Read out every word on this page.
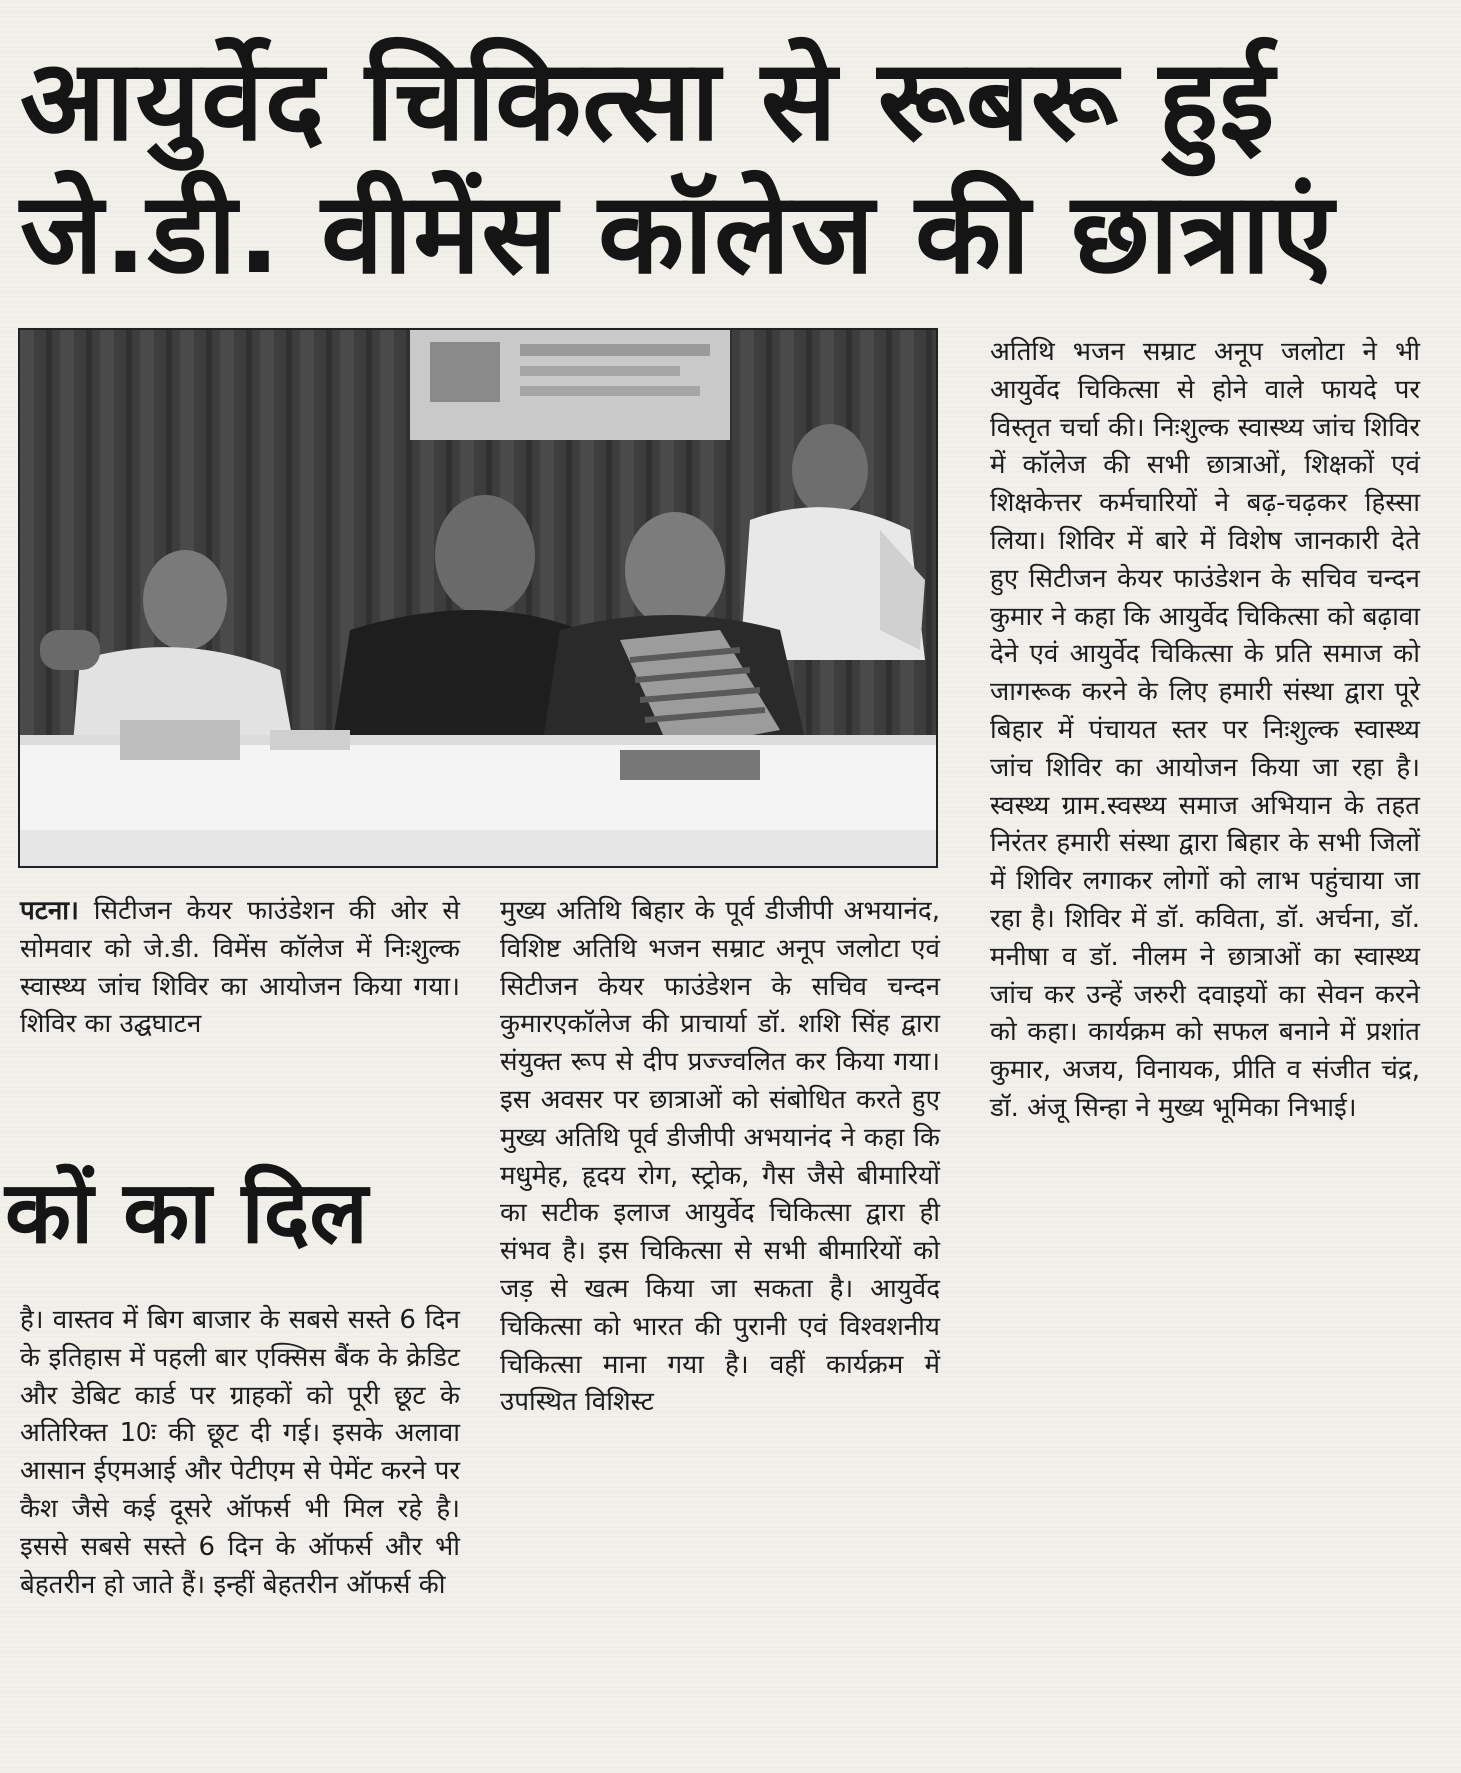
आयुर्वेद चिकित्सा से रूबरू हुई
जे.डी. वीमेंस कॉलेज की छात्राएं

पटना। सिटीजन केयर फाउंडेशन की ओर से सोमवार को जे.डी. विमेंस कॉलेज में निःशुल्क स्वास्थ्य जांच शिविर का आयोजन किया गया। शिविर का उद्घघाटन

मुख्य अतिथि बिहार के पूर्व डीजीपी अभयानंद, विशिष्ट अतिथि भजन सम्राट अनूप जलोटा एवं सिटीजन केयर फाउंडेशन के सचिव चन्दन कुमारएकॉलेज की प्राचार्या डॉ. शशि सिंह द्वारा संयुक्त रूप से दीप प्रज्ज्वलित कर किया गया। इस अवसर पर छात्राओं को संबोधित करते हुए मुख्य अतिथि पूर्व डीजीपी अभयानंद ने कहा कि मधुमेह, हृदय रोग, स्ट्रोक, गैस जैसे बीमारियों का सटीक इलाज आयुर्वेद चिकित्सा द्वारा ही संभव है। इस चिकित्सा से सभी बीमारियों को जड़ से खत्म किया जा सकता है। आयुर्वेद चिकित्सा को भारत की पुरानी एवं विश्वशनीय चिकित्सा माना गया है। वहीं कार्यक्रम में उपस्थित विशिस्ट

अतिथि भजन सम्राट अनूप जलोटा ने भी आयुर्वेद चिकित्सा से होने वाले फायदे पर विस्तृत चर्चा की। निःशुल्क स्वास्थ्य जांच शिविर में कॉलेज की सभी छात्राओं, शिक्षकों एवं शिक्षकेत्तर कर्मचारियों ने बढ़-चढ़कर हिस्सा लिया। शिविर में बारे में विशेष जानकारी देते हुए सिटीजन केयर फाउंडेशन के सचिव चन्दन कुमार ने कहा कि आयुर्वेद चिकित्सा को बढ़ावा देने एवं आयुर्वेद चिकित्सा के प्रति समाज को जागरूक करने के लिए हमारी संस्था द्वारा पूरे बिहार में पंचायत स्तर पर निःशुल्क स्वास्थ्य जांच शिविर का आयोजन किया जा रहा है। स्वस्थ्य ग्राम.स्वस्थ्य समाज अभियान के तहत निरंतर हमारी संस्था द्वारा बिहार के सभी जिलों में शिविर लगाकर लोगों को लाभ पहुंचाया जा रहा है। शिविर में डॉ. कविता, डॉ. अर्चना, डॉ. मनीषा व डॉ. नीलम ने छात्राओं का स्वास्थ्य जांच कर उन्हें जरुरी दवाइयों का सेवन करने को कहा। कार्यक्रम को सफल बनाने में प्रशांत कुमार, अजय, विनायक, प्रीति व संजीत चंद्र, डॉ. अंजू सिन्हा ने मुख्य भूमिका निभाई।

कों का दिल

है। वास्तव में बिग बाजार के सबसे सस्ते 6 दिन के इतिहास में पहली बार एक्सिस बैंक के क्रेडिट और डेबिट कार्ड पर ग्राहकों को पूरी छूट के अतिरिक्त 10ः की छूट दी गई। इसके अलावा आसान ईएमआई और पेटीएम से पेमेंट करने पर कैश जैसे कई दूसरे ऑफर्स भी मिल रहे है। इससे सबसे सस्ते 6 दिन के ऑफर्स और भी बेहतरीन हो जाते हैं। इन्हीं बेहतरीन ऑफर्स की
